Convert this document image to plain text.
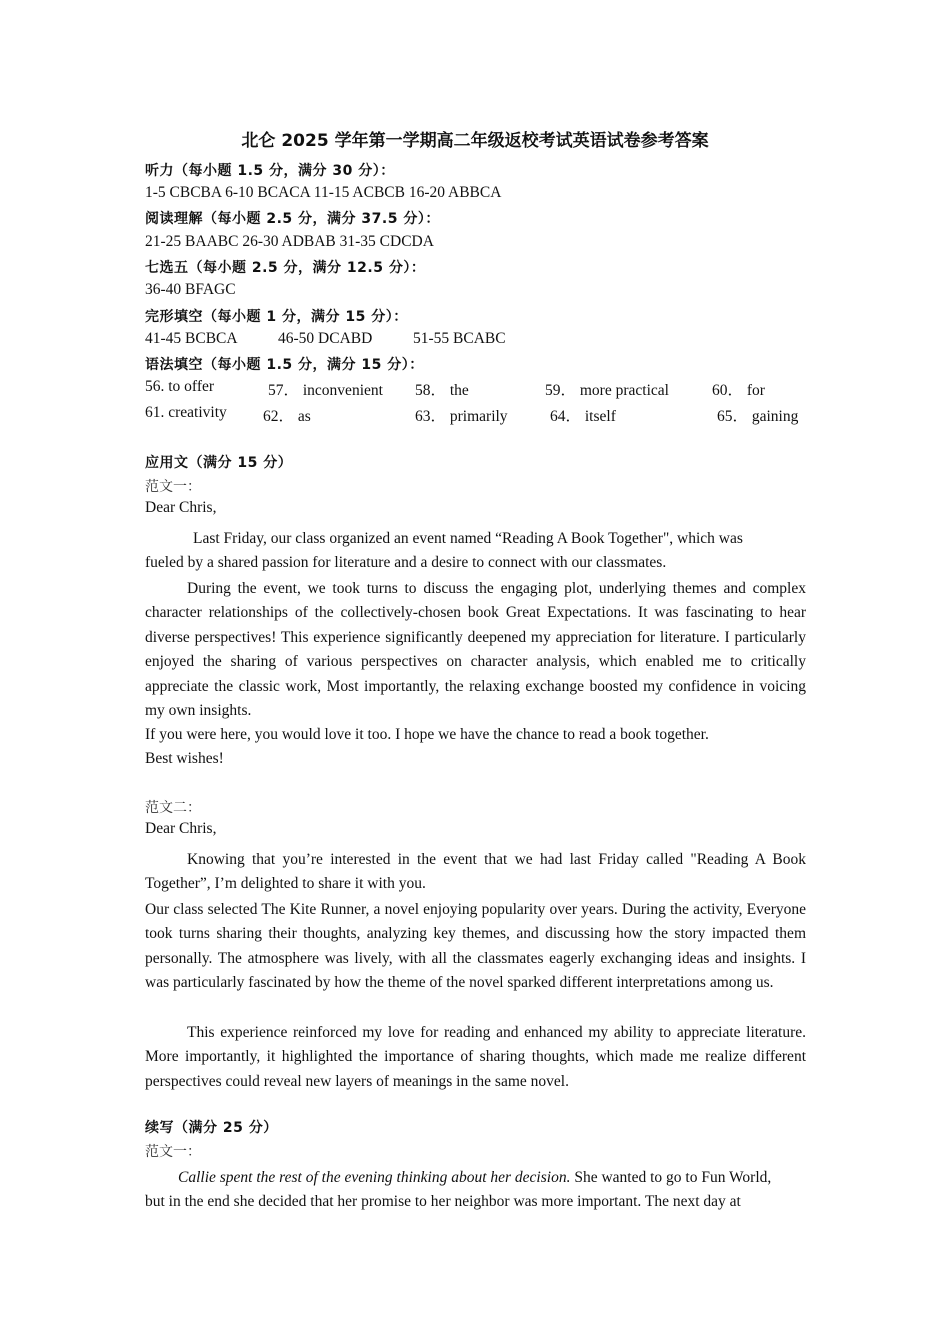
北仑 2025 学年第一学期高二年级返校考试英语试卷参考答案
听力（每小题 1.5 分，满分 30 分）：
1-5 CBCBA 6-10 BCACA 11-15 ACBCB 16-20 ABBCA
阅读理解（每小题 2.5 分，满分 37.5 分）：
21-25 BAABC 26-30 ADBAB 31-35 CDCDA
七选五（每小题 2.5 分，满分 12.5 分）：
36-40 BFAGC
完形填空（每小题 1 分，满分 15 分）：
41-45 BCBCA	46-50 DCABD	51-55 BCABC
语法填空（每小题 1.5 分，满分 15 分）：
56. to offer	57． inconvenient 58． the	59． more practical	60． for
61. creativity 62． as	63． primarily	64． itself	65． gaining
应用文（满分 15 分）
范文一：
Dear Chris,
Last Friday, our class organized an event named “Reading A Book Together", which was fueled by a shared passion for literature and a desire to connect with our classmates.
During the event, we took turns to discuss the engaging plot, underlying themes and complex character relationships of the collectively-chosen book Great Expectations. It was fascinating to hear diverse perspectives! This experience significantly deepened my appreciation for literature. I particularly enjoyed the sharing of various perspectives on character analysis, which enabled me to critically appreciate the classic work, Most importantly, the relaxing exchange boosted my confidence in voicing my own insights.
If you were here, you would love it too. I hope we have the chance to read a book together.
Best wishes!
范文二：
Dear Chris,
Knowing that you’re interested in the event that we had last Friday called "Reading A Book Together”, I’m delighted to share it with you.
Our class selected The Kite Runner, a novel enjoying popularity over years. During the activity, Everyone took turns sharing their thoughts, analyzing key themes, and discussing how the story impacted them personally. The atmosphere was lively, with all the classmates eagerly exchanging ideas and insights. I was particularly fascinated by how the theme of the novel sparked different interpretations among us.
This experience reinforced my love for reading and enhanced my ability to appreciate literature. More importantly, it highlighted the importance of sharing thoughts, which made me realize different perspectives could reveal new layers of meanings in the same novel.
续写（满分 25 分）
范文一：
Callie spent the rest of the evening thinking about her decision. She wanted to go to Fun World, but in the end she decided that her promise to her neighbor was more important. The next day at
